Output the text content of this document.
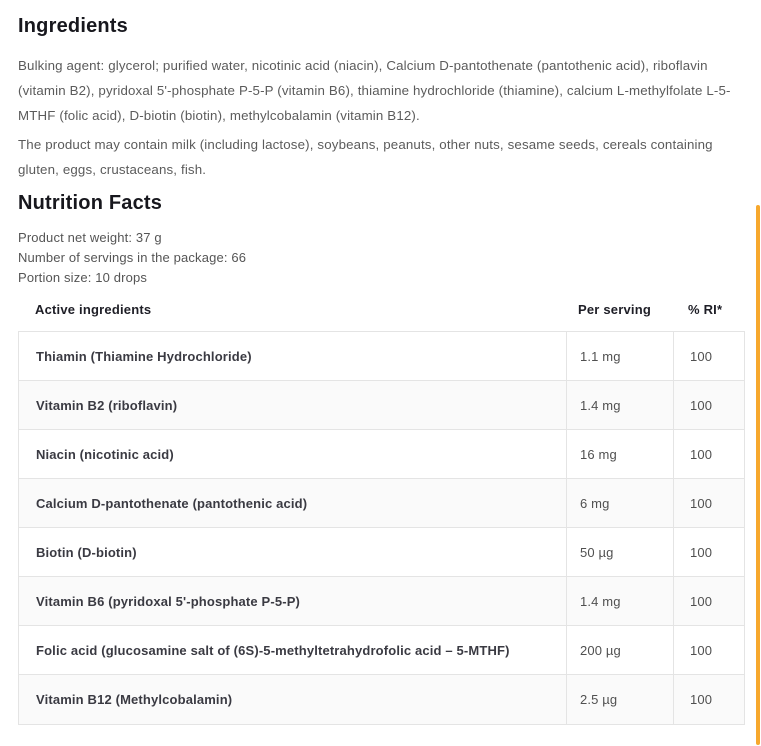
Ingredients

Bulking agent: glycerol; purified water, nicotinic acid (niacin), Calcium D-pantothenate (pantothenic acid), riboflavin (vitamin B2), pyridoxal 5'-phosphate P-5-P (vitamin B6), thiamine hydrochloride (thiamine), calcium L-methylfolate L-5-MTHF (folic acid), D-biotin (biotin), methylcobalamin (vitamin B12).

The product may contain milk (including lactose), soybeans, peanuts, other nuts, sesame seeds, cereals containing gluten, eggs, crustaceans, fish.

Nutrition Facts
Product net weight: 37 g
Number of servings in the package: 66
Portion size: 10 drops
Active ingredients	Per serving	% RI*
Thiamin (Thiamine Hydrochloride)	1.1 mg	100
Vitamin B2 (riboflavin)	1.4 mg	100
Niacin (nicotinic acid)	16 mg	100
Calcium D-pantothenate (pantothenic acid)	6 mg	100
Biotin (D-biotin)	50 µg	100
Vitamin B6 (pyridoxal 5'-phosphate P-5-P)	1.4 mg	100
Folic acid (glucosamine salt of (6S)-5-methyltetrahydrofolic acid – 5-MTHF)	200 µg	100
Vitamin B12 (Methylcobalamin)	2.5 µg	100
